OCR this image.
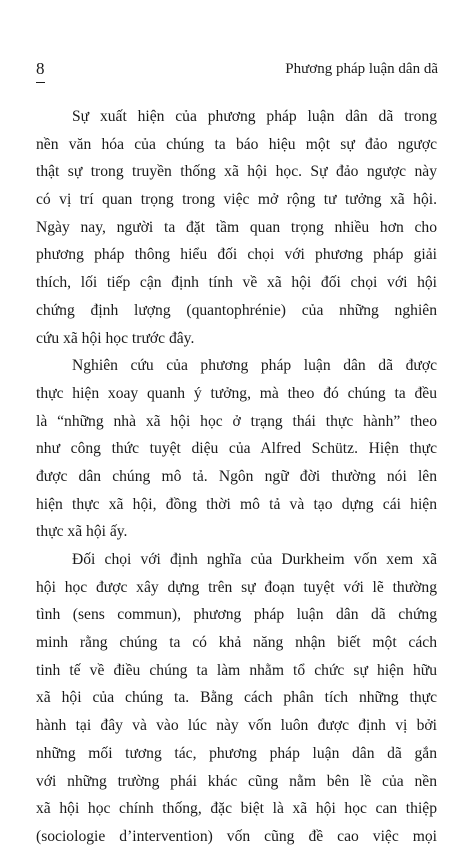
8	Phương pháp luận dân dã
Sự xuất hiện của phương pháp luận dân dã trong
nền văn hóa của chúng ta báo hiệu một sự đảo ngược
thật sự trong truyền thống xã hội học. Sự đảo ngược này
có vị trí quan trọng trong việc mở rộng tư tưởng xã hội.
Ngày nay, người ta đặt tầm quan trọng nhiều hơn cho
phương pháp thông hiểu đối chọi với phương pháp giải
thích, lối tiếp cận định tính về xã hội đối chọi với hội
chứng định lượng (quantophrénie) của những nghiên
cứu xã hội học trước đây.
Nghiên cứu của phương pháp luận dân dã được
thực hiện xoay quanh ý tưởng, mà theo đó chúng ta đều
là “những nhà xã hội học ở trạng thái thực hành” theo
như công thức tuyệt diệu của Alfred Schütz. Hiện thực
được dân chúng mô tả. Ngôn ngữ đời thường nói lên
hiện thực xã hội, đồng thời mô tả và tạo dựng cái hiện
thực xã hội ấy.
Đối chọi với định nghĩa của Durkheim vốn xem xã
hội học được xây dựng trên sự đoạn tuyệt với lẽ thường
tình (sens commun), phương pháp luận dân dã chứng
minh rằng chúng ta có khả năng nhận biết một cách
tinh tế về điều chúng ta làm nhằm tổ chức sự hiện hữu
xã hội của chúng ta. Bằng cách phân tích những thực
hành tại đây và vào lúc này vốn luôn được định vị bởi
những mối tương tác, phương pháp luận dân dã gắn
với những trường phái khác cũng nằm bên lề của nền
xã hội học chính thống, đặc biệt là xã hội học can thiệp
(sociologie d’intervention) vốn cũng đề cao việc mọi
